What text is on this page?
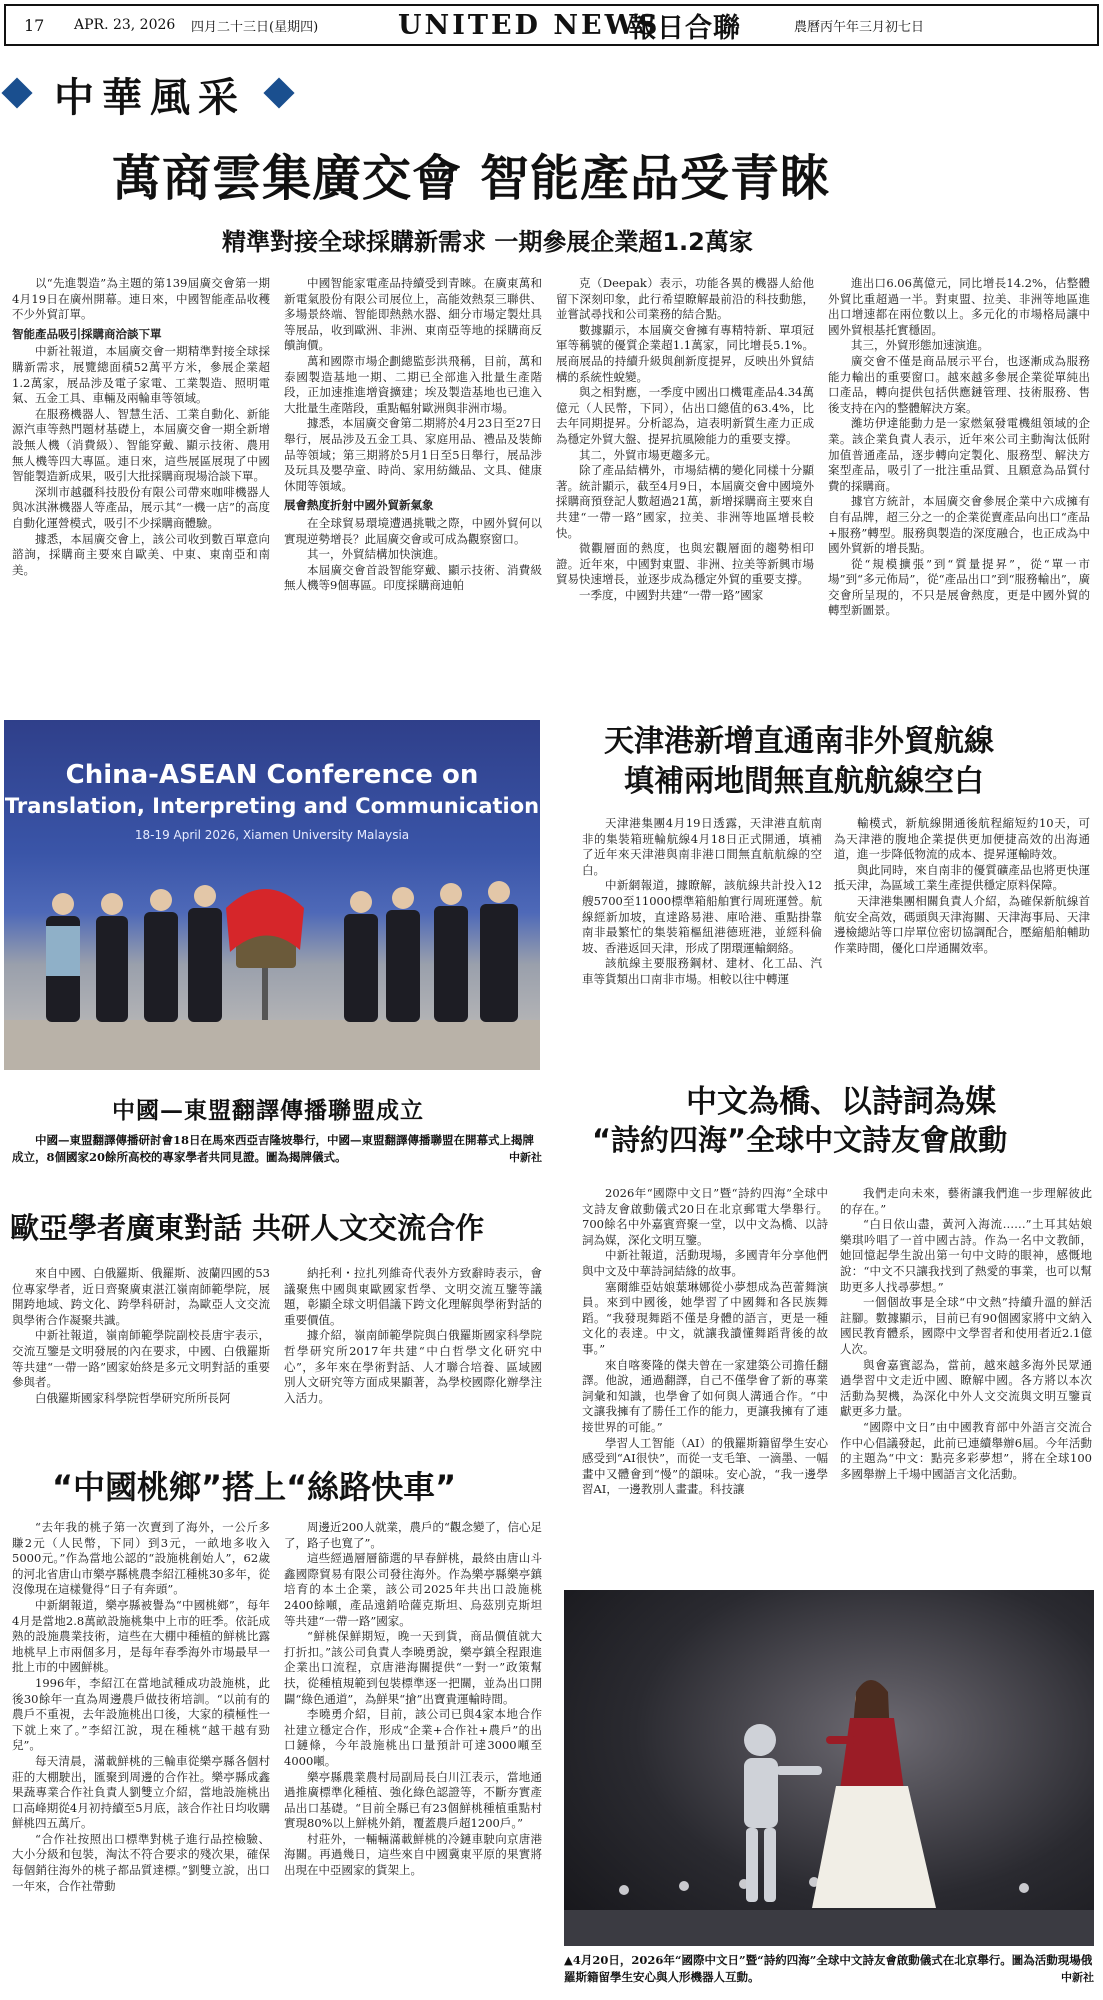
17 APR. 23, 2026 四月二十三日(星期四)	UNITED NEWS
報日合聯	農曆丙午年三月初七日
中華風采
萬商雲集廣交會 智能產品受青睞
精準對接全球採購新需求 一期參展企業超1.2萬家

以“先進製造”為主題的第139屆廣交會第一期4月19日在廣州開幕。連日來，中國智能產品收穫不少外貿訂單。

智能產品吸引採購商洽談下單

中新社報道，本屆廣交會一期精準對接全球採購新需求，展覽總面積52萬平方米，參展企業超1.2萬家，展品涉及電子家電、工業製造、照明電氣、五金工具、車輛及兩輪車等領域。

在服務機器人、智慧生活、工業自動化、新能源汽車等熱門題材基礎上，本屆廣交會一期全新增設無人機（消費級）、智能穿戴、顯示技術、農用無人機等四大專區。連日來，這些展區展現了中國智能製造新成果，吸引大批採購商現場洽談下單。

深圳市越疆科技股份有限公司帶來咖啡機器人與冰淇淋機器人等產品，展示其“一機一店”的高度自動化運營模式，吸引不少採購商體驗。

據悉，本屆廣交會上，該公司收到數百單意向諮詢，採購商主要來自歐美、中東、東南亞和南美。

中國智能家電產品持續受到青睞。在廣東萬和新電氣股份有限公司展位上，高能效熱泵三聯供、多場景終端、智能即熱熱水器、細分市場定製灶具等展品，收到歐洲、非洲、東南亞等地的採購商反饋詢價。

萬和國際市場企劃總監彭洪飛稱，目前，萬和泰國製造基地一期、二期已全部進入批量生產階段，正加速推進增資擴建；埃及製造基地也已進入大批量生產階段，重點輻射歐洲與非洲市場。

據悉，本屆廣交會第二期將於4月23日至27日舉行，展品涉及五金工具、家庭用品、禮品及裝飾品等領域；第三期將於5月1日至5日舉行，展品涉及玩具及嬰孕童、時尚、家用紡織品、文具、健康休閒等領域。

展會熱度折射中國外貿新氣象

在全球貿易環境遭遇挑戰之際，中國外貿何以實現逆勢增長？此屆廣交會或可成為觀察窗口。

其一，外貿結構加快演進。

本屆廣交會首設智能穿戴、顯示技術、消費級無人機等9個專區。印度採購商迪帕

克（Deepak）表示，功能各異的機器人給他留下深刻印象，此行希望瞭解最前沿的科技動態，並嘗試尋找和公司業務的結合點。

數據顯示，本屆廣交會擁有專精特新、單項冠軍等稱號的優質企業超1.1萬家，同比增長5.1%。展商展品的持續升級與創新度提昇，反映出外貿結構的系統性蛻變。

與之相對應，一季度中國出口機電產品4.34萬億元（人民幣，下同），佔出口總值的63.4%，比去年同期提昇。分析認為，這表明新質生產力正成為穩定外貿大盤、提昇抗風險能力的重要支撐。

其二，外貿市場更趨多元。

除了產品結構外，市場結構的變化同樣十分顯著。統計顯示，截至4月9日，本屆廣交會中國境外採購商預登記人數超過21萬，新增採購商主要來自共建“一帶一路”國家，拉美、非洲等地區增長較快。

微觀層面的熱度，也與宏觀層面的趨勢相印證。近年來，中國對東盟、非洲、拉美等新興市場貿易快速增長，並逐步成為穩定外貿的重要支撐。

一季度，中國對共建“一帶一路”國家

進出口6.06萬億元，同比增長14.2%，佔整體外貿比重超過一半。對東盟、拉美、非洲等地區進出口增速都在兩位數以上。多元化的市場格局讓中國外貿根基托實穩固。

其三，外貿形態加速演進。

廣交會不僅是商品展示平台，也逐漸成為服務能力輸出的重要窗口。越來越多參展企業從單純出口產品，轉向提供包括供應鏈管理、技術服務、售後支持在內的整體解決方案。

濰坊伊達能動力是一家燃氣發電機組領域的企業。該企業負責人表示，近年來公司主動淘汰低附加值普通產品，逐步轉向定製化、服務型、解決方案型產品，吸引了一批注重品質、且願意為品質付費的採購商。

據官方統計，本屆廣交會參展企業中六成擁有自有品牌，超三分之一的企業從賣產品向出口“產品+服務”轉型。服務與製造的深度融合，也正成為中國外貿新的增長點。

從“規模擴張”到“質量提昇”，從“單一市場”到“多元佈局”，從“產品出口”到“服務輸出”，廣交會所呈現的，不只是展會熱度，更是中國外貿的轉型新圖景。

China-ASEAN Conference on
Translation, Interpreting and Communication
18-19 April 2026, Xiamen University Malaysia
中國—東盟翻譯傳播聯盟成立
中國—東盟翻譯傳播研討會18日在馬來西亞吉隆坡舉行，中國—東盟翻譯傳播聯盟在開幕式上揭牌成立，8個國家20餘所高校的專家學者共同見證。圖為揭牌儀式。	中新社
天津港新增直通南非外貿航線
填補兩地間無直航航線空白

天津港集團4月19日透露，天津港直航南非的集裝箱班輪航線4月18日正式開通，填補了近年來天津港與南非港口間無直航航線的空白。

中新網報道，據瞭解，該航線共計投入12艘5700至11000標準箱船舶實行周班運營。航線經新加坡，直達路易港、庫哈港、重點掛靠南非最繁忙的集裝箱樞紐港德班港，並經科倫坡、香港返回天津，形成了閉環運輸網絡。

該航線主要服務鋼材、建材、化工品、汽車等貨類出口南非市場。相較以往中轉運

輸模式，新航線開通後航程縮短約10天，可為天津港的腹地企業提供更加便捷高效的出海通道，進一步降低物流的成本、提昇運輸時效。

與此同時，來自南非的優質礦產品也將更快運抵天津，為區域工業生產提供穩定原料保障。

天津港集團相關負責人介紹，為確保新航線首航安全高效，碼頭與天津海關、天津海事局、天津邊檢總站等口岸單位密切協調配合，壓縮船舶輔助作業時間，優化口岸通關效率。

中文為橋、以詩詞為媒
“詩約四海”全球中文詩友會啟動

2026年“國際中文日”暨“詩約四海”全球中文詩友會啟動儀式20日在北京郵電大學舉行。700餘名中外嘉賓齊聚一堂，以中文為橋、以詩詞為媒，深化文明互鑒。

中新社報道，活動現場，多國青年分享他們與中文及中華詩詞結緣的故事。

塞爾維亞姑娘葉琳娜從小夢想成為芭蕾舞演員。來到中國後，她學習了中國舞和各民族舞蹈。“我發現舞蹈不僅是身體的語言，更是一種文化的表達。中文，就讓我讀懂舞蹈背後的故事。”

來自喀麥隆的傑夫曾在一家建築公司擔任翻譯。他說，通過翻譯，自己不僅學會了新的專業詞彙和知識，也學會了如何與人溝通合作。“中文讓我擁有了勝任工作的能力，更讓我擁有了連接世界的可能。”

學習人工智能（AI）的俄羅斯籍留學生安心感受到“AI很快”，而從一支毛筆、一滴墨、一幅畫中又體會到“慢”的韻味。安心說，“我一邊學習AI，一邊教別人畫畫。科技讓

我們走向未來，藝術讓我們進一步理解彼此的存在。”

“白日依山盡，黃河入海流……”土耳其姑娘樂琪吟唱了一首中國古詩。作為一名中文教師，她回憶起學生說出第一句中文時的眼神，感慨地說：“中文不只讓我找到了熱愛的事業，也可以幫助更多人找尋夢想。”

一個個故事是全球“中文熱”持續升溫的鮮活註腳。數據顯示，目前已有90個國家將中文納入國民教育體系，國際中文學習者和使用者近2.1億人次。

與會嘉賓認為，當前，越來越多海外民眾通過學習中文走近中國、瞭解中國。各方將以本次活動為契機，為深化中外人文交流與文明互鑒貢獻更多力量。

“國際中文日”由中國教育部中外語言交流合作中心倡議發起，此前已連續舉辦6屆。今年活動的主題為“中文：點亮多彩夢想”，將在全球100多國舉辦上千場中國語言文化活動。

▲4月20日，2026年“國際中文日”暨“詩約四海”全球中文詩友會啟動儀式在北京舉行。圖為活動現場俄羅斯籍留學生安心與人形機器人互動。	中新社
歐亞學者廣東對話 共研人文交流合作

來自中國、白俄羅斯、俄羅斯、波蘭四國的53位專家學者，近日齊聚廣東湛江嶺南師範學院，展開跨地域、跨文化、跨學科研討，為歐亞人文交流與學術合作凝聚共識。

中新社報道，嶺南師範學院副校長唐宇表示，交流互鑒是文明發展的內在要求，中國、白俄羅斯等共建“一帶一路”國家始終是多元文明對話的重要參與者。

白俄羅斯國家科學院哲學研究所所長阿

納托利・拉扎列維奇代表外方致辭時表示，會議聚焦中國與東歐國家哲學、文明交流互鑒等議題，彰顯全球文明倡議下跨文化理解與學術對話的重要價值。

據介紹，嶺南師範學院與白俄羅斯國家科學院哲學研究所2017年共建“中白哲學文化研究中心”，多年來在學術對話、人才聯合培養、區域國別人文研究等方面成果顯著，為學校國際化辦學注入活力。

“中國桃鄉”搭上“絲路快車”

“去年我的桃子第一次賣到了海外，一公斤多賺2元（人民幣，下同）到3元，一畝地多收入5000元。”作為當地公認的“設施桃創始人”，62歲的河北省唐山市樂亭縣桃農李紹江種桃30多年，從沒像現在這樣覺得“日子有奔頭”。

中新網報道，樂亭縣被譽為“中國桃鄉”，每年4月是當地2.8萬畝設施桃集中上市的旺季。依託成熟的設施農業技術，這些在大棚中種植的鮮桃比露地桃早上市兩個多月，是每年春季海外市場最早一批上市的中國鮮桃。

1996年，李紹江在當地試種成功設施桃，此後30餘年一直為周邊農戶做技術培訓。“以前有的農戶不重視，去年設施桃出口後，大家的積極性一下就上來了。”李紹江說，現在種桃“越干越有勁兒”。

每天清晨，滿載鮮桃的三輪車從樂亭縣各個村莊的大棚駛出，匯聚到周邊的合作社。樂亭縣成鑫果蔬專業合作社負責人劉雙立介紹，當地設施桃出口高峰期從4月初持續至5月底，該合作社日均收購鮮桃四五萬斤。

“合作社按照出口標準對桃子進行品控檢驗、大小分級和包裝，淘汰不符合要求的殘次果，確保每個銷往海外的桃子都品質達標。”劉雙立說，出口一年來，合作社帶動

周邊近200人就業，農戶的“觀念變了，信心足了，路子也寬了”。

這些經過層層篩選的早春鮮桃，最終由唐山斗鑫國際貿易有限公司發往海外。作為樂亭縣樂亭鎮培育的本土企業，該公司2025年共出口設施桃2400餘噸，產品遠銷哈薩克斯坦、烏茲別克斯坦等共建“一帶一路”國家。

“鮮桃保鮮期短，晚一天到貨，商品價值就大打折扣。”該公司負責人李曉勇說，樂亭鎮全程跟進企業出口流程，京唐港海關提供“一對一”政策幫扶，從種植規範到包裝標準逐一把關，並為出口開闢“綠色通道”，為鮮果“搶”出寶貴運輸時間。

李曉勇介紹，目前，該公司已與4家本地合作社建立穩定合作，形成“企業+合作社+農戶”的出口鏈條，今年設施桃出口量預計可達3000噸至4000噸。

樂亭縣農業農村局副局長白川江表示，當地通過推廣標準化種植、強化綠色認證等，不斷夯實產品出口基礎。“目前全縣已有23個鮮桃種植重點村實現80%以上鮮桃外銷，覆蓋農戶超1200戶。”

村莊外，一輛輛滿載鮮桃的冷鏈車駛向京唐港海關。再過幾日，這些來自中國冀東平原的果實將出現在中亞國家的貨架上。
